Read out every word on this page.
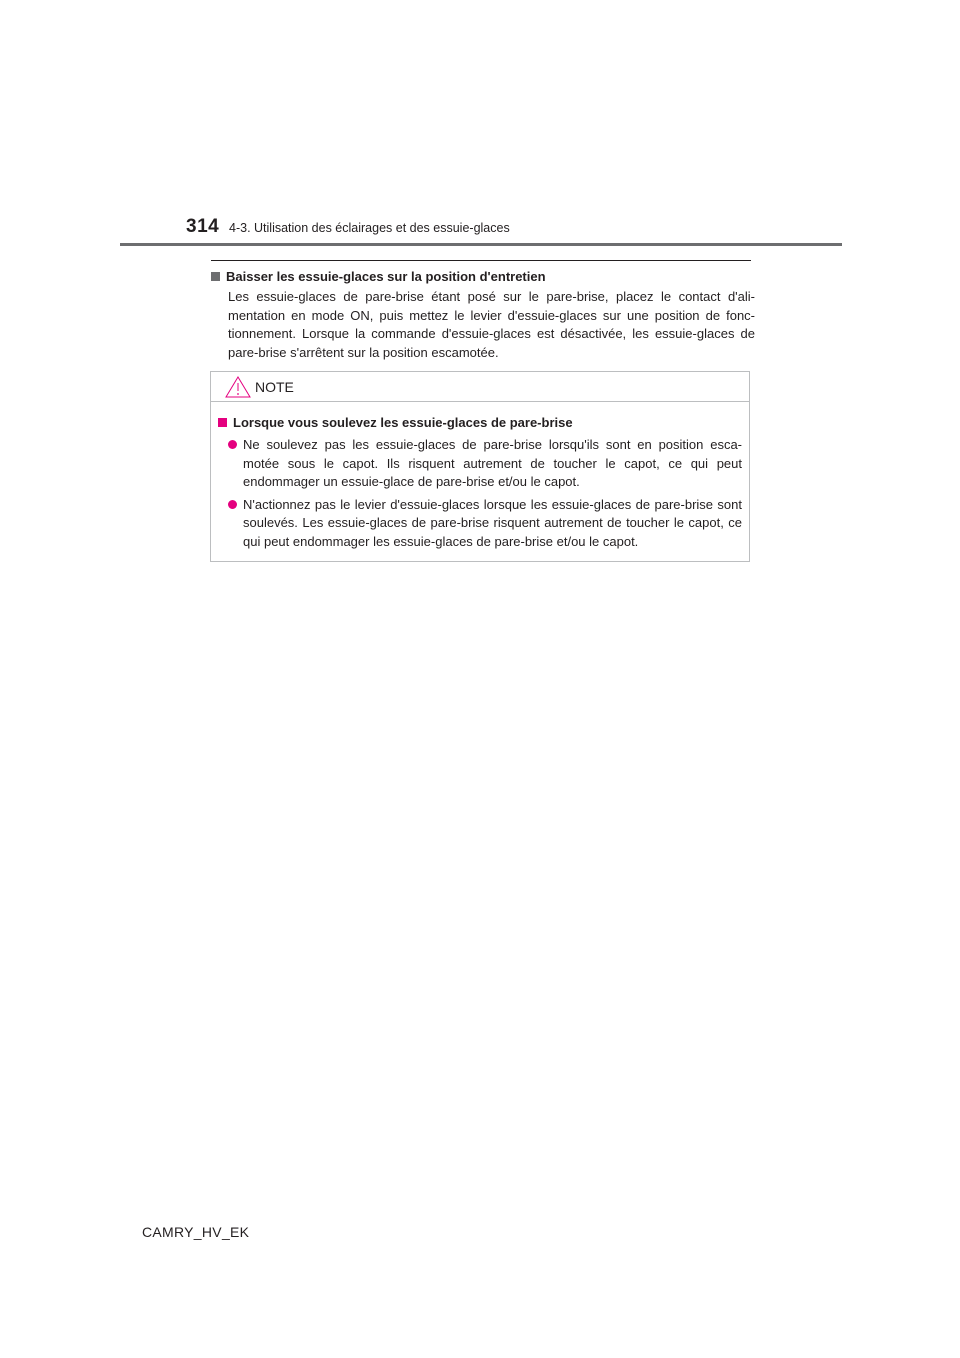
314 4-3. Utilisation des éclairages et des essuie-glaces
Baisser les essuie-glaces sur la position d'entretien
Les essuie-glaces de pare-brise étant posé sur le pare-brise, placez le contact d'ali-mentation en mode ON, puis mettez le levier d'essuie-glaces sur une position de fonc-tionnement. Lorsque la commande d'essuie-glaces est désactivée, les essuie-glaces de pare-brise s'arrêtent sur la position escamotée.
NOTE
Lorsque vous soulevez les essuie-glaces de pare-brise
Ne soulevez pas les essuie-glaces de pare-brise lorsqu'ils sont en position esca-motée sous le capot. Ils risquent autrement de toucher le capot, ce qui peut endommager un essuie-glace de pare-brise et/ou le capot.
N'actionnez pas le levier d'essuie-glaces lorsque les essuie-glaces de pare-brise sont soulevés. Les essuie-glaces de pare-brise risquent autrement de toucher le capot, ce qui peut endommager les essuie-glaces de pare-brise et/ou le capot.
CAMRY_HV_EK
